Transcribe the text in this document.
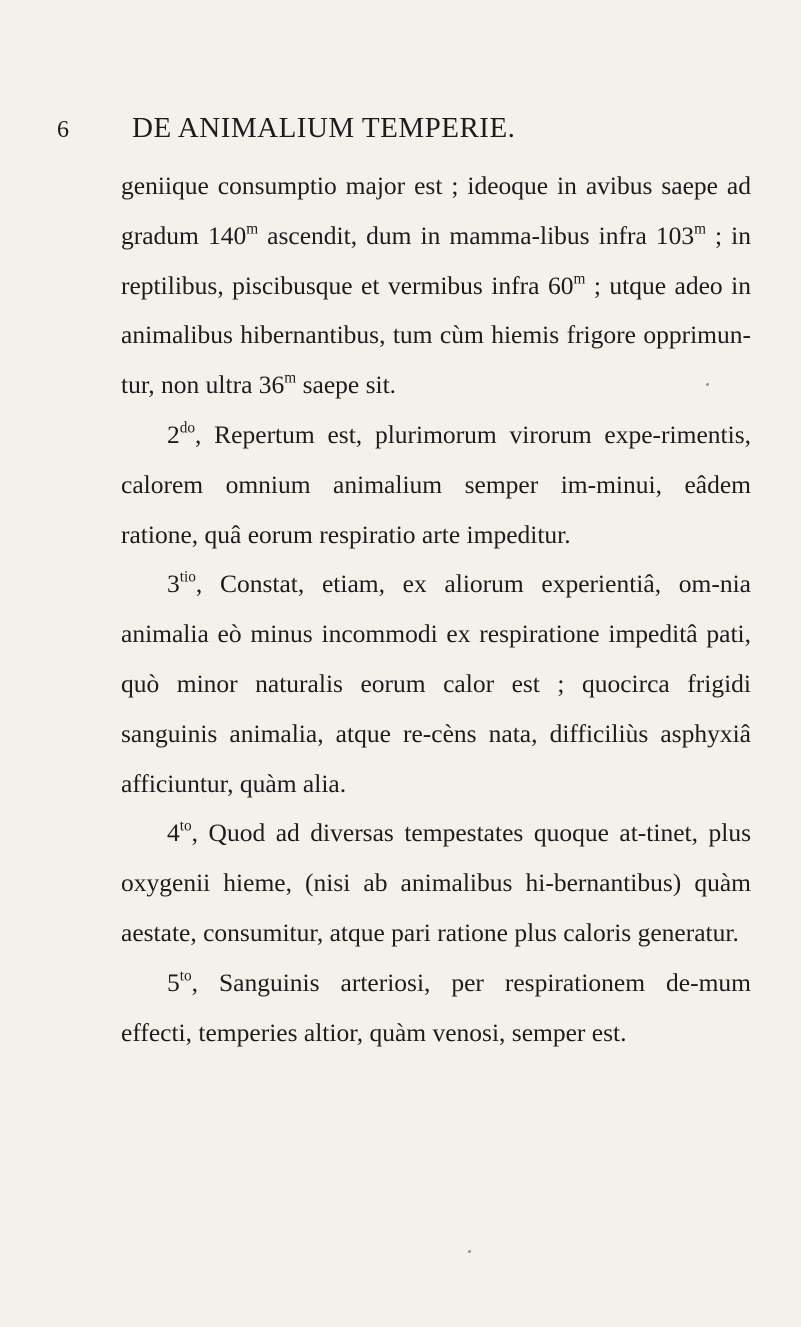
6 DE ANIMALIUM TEMPERIE.

geniique consumptio major est ; ideoque in avibus saepe ad gradum 140$^m$ ascendit, dum in mamma-libus infra 103$^m$ ; in reptilibus, piscibusque et vermibus infra 60$^m$ ; utque adeo in animalibus hibernantibus, tum cùm hiemis frigore opprimun-tur, non ultra 36$^m$ saepe sit.

$2^{do}$, Repertum est, plurimorum virorum expe-rimentis, calorem omnium animalium semper im-minui, eâdem ratione, quâ eorum respiratio arte impeditur.

$3^{tio}$, Constat, etiam, ex aliorum experientiâ, om-nia animalia eò minus incommodi ex respiratione impeditâ pati, quò minor naturalis eorum calor est ; quocirca frigidi sanguinis animalia, atque re-cèns nata, difficiliùs asphyxiâ afficiuntur, quàm alia.

$4^{to}$, Quod ad diversas tempestates quoque at-tinet, plus oxygenii hieme, (nisi ab animalibus hi-bernantibus) quàm aestate, consumitur, atque pari ratione plus caloris generatur.

$5^{to}$, Sanguinis arteriosi, per respirationem de-mum effecti, temperies altior, quàm venosi, semper est.
